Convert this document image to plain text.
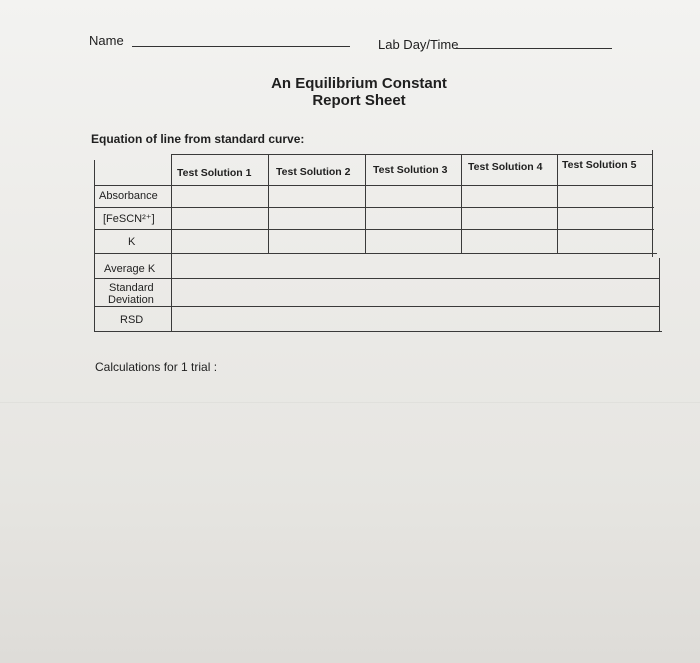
Name	Lab Day/Time
An Equilibrium Constant
Report Sheet
Equation of line from standard curve:
Test Solution 1 Test Solution 2 Test Solution 3 Test Solution 4 Test Solution 5
Absorbance
[FeSCN²⁺]
K
Average K
Standard
Deviation
RSD
Calculations for 1 trial :
